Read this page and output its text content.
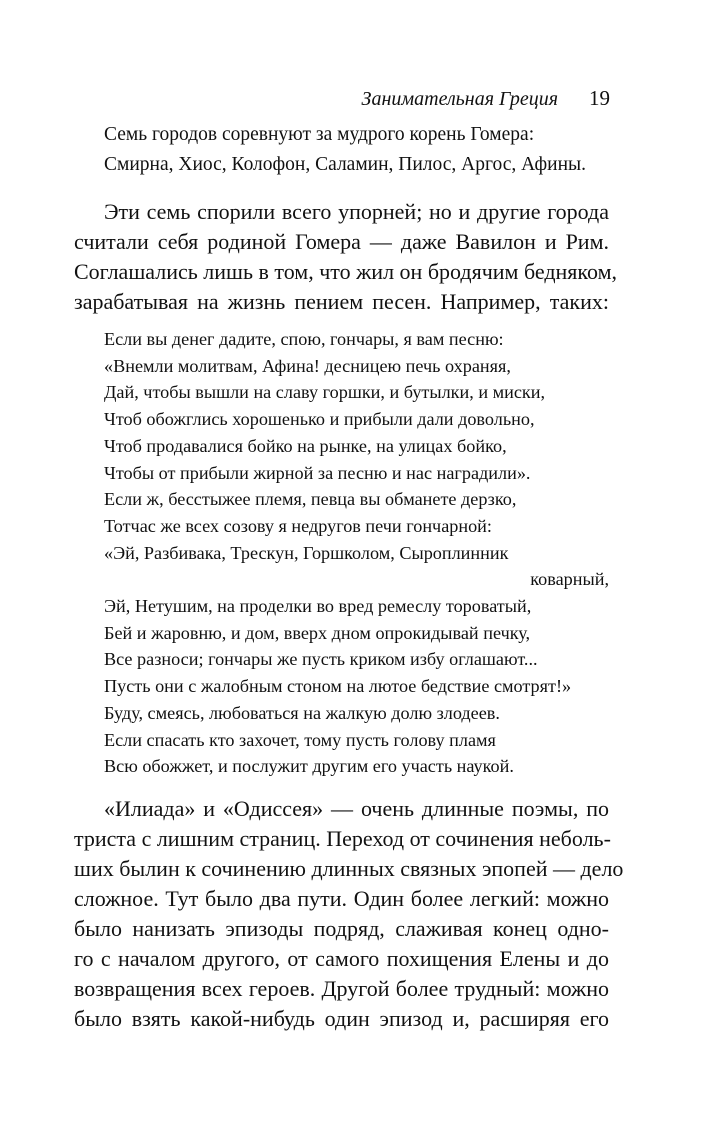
Занимательная Греция 19
Семь городов соревнуют за мудрого корень Гомера:
Смирна, Хиос, Колофон, Саламин, Пилос, Аргос, Афины.
Эти семь спорили всего упорней; но и другие города
считали себя родиной Гомера — даже Вавилон и Рим.
Соглашались лишь в том, что жил он бродячим бедняком,
зарабатывая на жизнь пением песен. Например, таких:
Если вы денег дадите, спою, гончары, я вам песню:
«Внемли молитвам, Афина! десницею печь охраняя,
Дай, чтобы вышли на славу горшки, и бутылки, и миски,
Чтоб обожглись хорошенько и прибыли дали довольно,
Чтоб продавалися бойко на рынке, на улицах бойко,
Чтобы от прибыли жирной за песню и нас наградили».
Если ж, бесстыжее племя, певца вы обманете дерзко,
Тотчас же всех созову я недругов печи гончарной:
«Эй, Разбивака, Трескун, Горшколом, Сыроплинник
коварный,
Эй, Нетушим, на проделки во вред ремеслу тороватый,
Бей и жаровню, и дом, вверх дном опрокидывай печку,
Все разноси; гончары же пусть криком избу оглашают...
Пусть они с жалобным стоном на лютое бедствие смотрят!»
Буду, смеясь, любоваться на жалкую долю злодеев.
Если спасать кто захочет, тому пусть голову пламя
Всю обожжет, и послужит другим его участь наукой.
«Илиада» и «Одиссея» — очень длинные поэмы, по
триста с лишним страниц. Переход от сочинения неболь-
ших былин к сочинению длинных связных эпопей — дело
сложное. Тут было два пути. Один более легкий: можно
было нанизать эпизоды подряд, слаживая конец одно-
го с началом другого, от самого похищения Елены и до
возвращения всех героев. Другой более трудный: можно
было взять какой-нибудь один эпизод и, расширяя его
